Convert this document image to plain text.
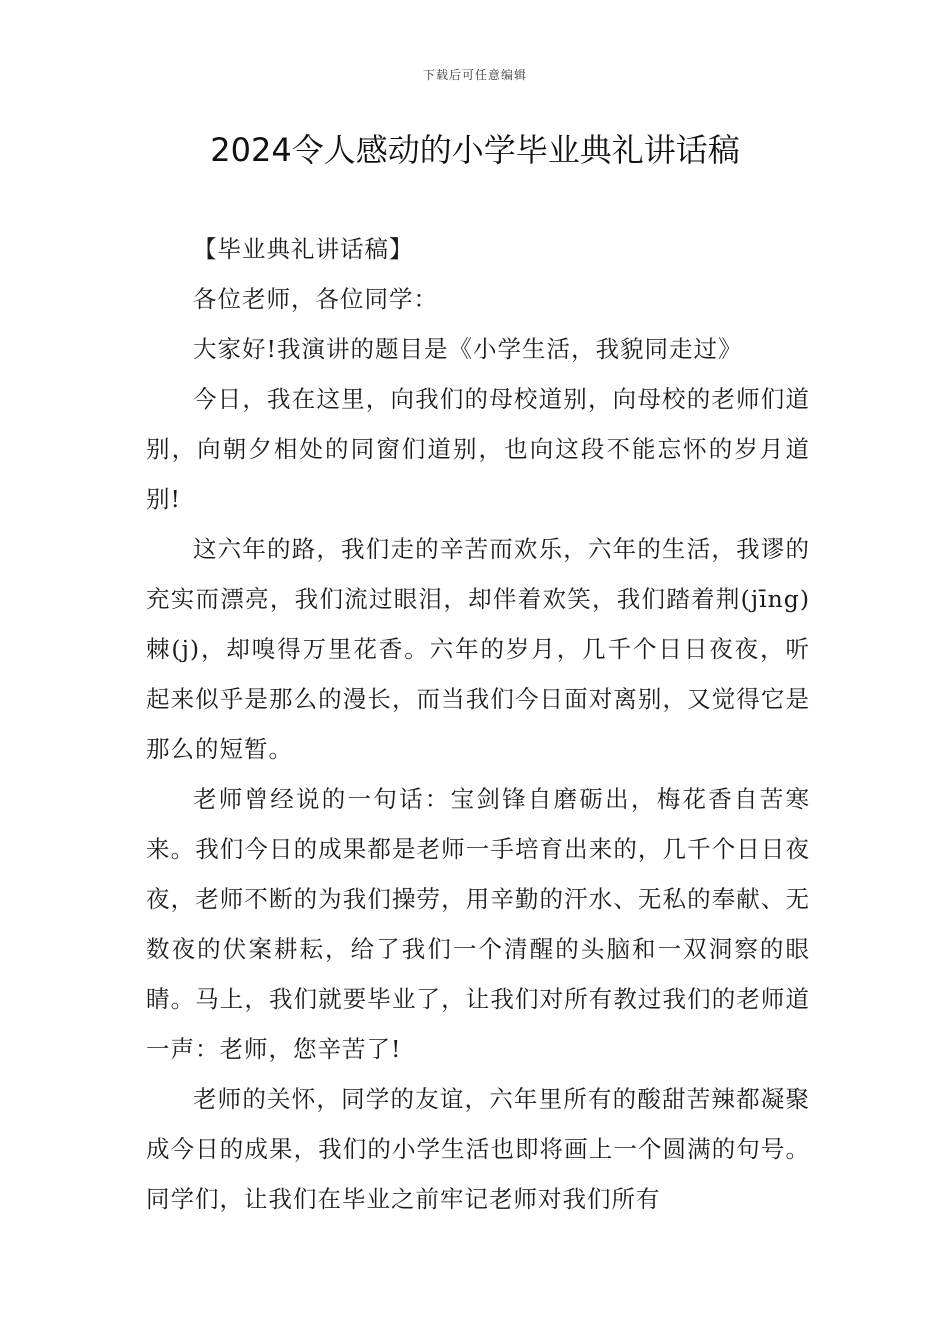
下载后可任意编辑
2024令人感动的小学毕业典礼讲话稿

【毕业典礼讲话稿】

各位老师，各位同学：

大家好!我演讲的题目是《小学生活，我貌同走过》

今日，我在这里，向我们的母校道别，向母校的老师们道别，向朝夕相处的同窗们道别，也向这段不能忘怀的岁月道别!

这六年的路，我们走的辛苦而欢乐，六年的生活，我谬的充实而漂亮，我们流过眼泪，却伴着欢笑，我们踏着荆(jīng)棘(j)，却嗅得万里花香。六年的岁月，几千个日日夜夜，听起来似乎是那么的漫长，而当我们今日面对离别，又觉得它是那么的短暂。

老师曾经说的一句话：宝剑锋自磨砺出，梅花香自苦寒来。我们今日的成果都是老师一手培育出来的，几千个日日夜夜，老师不断的为我们操劳，用辛勤的汗水、无私的奉献、无数夜的伏案耕耘，给了我们一个清醒的头脑和一双洞察的眼睛。马上，我们就要毕业了，让我们对所有教过我们的老师道一声：老师，您辛苦了!

老师的关怀，同学的友谊，六年里所有的酸甜苦辣都凝聚成今日的成果，我们的小学生活也即将画上一个圆满的句号。同学们，让我们在毕业之前牢记老师对我们所有
